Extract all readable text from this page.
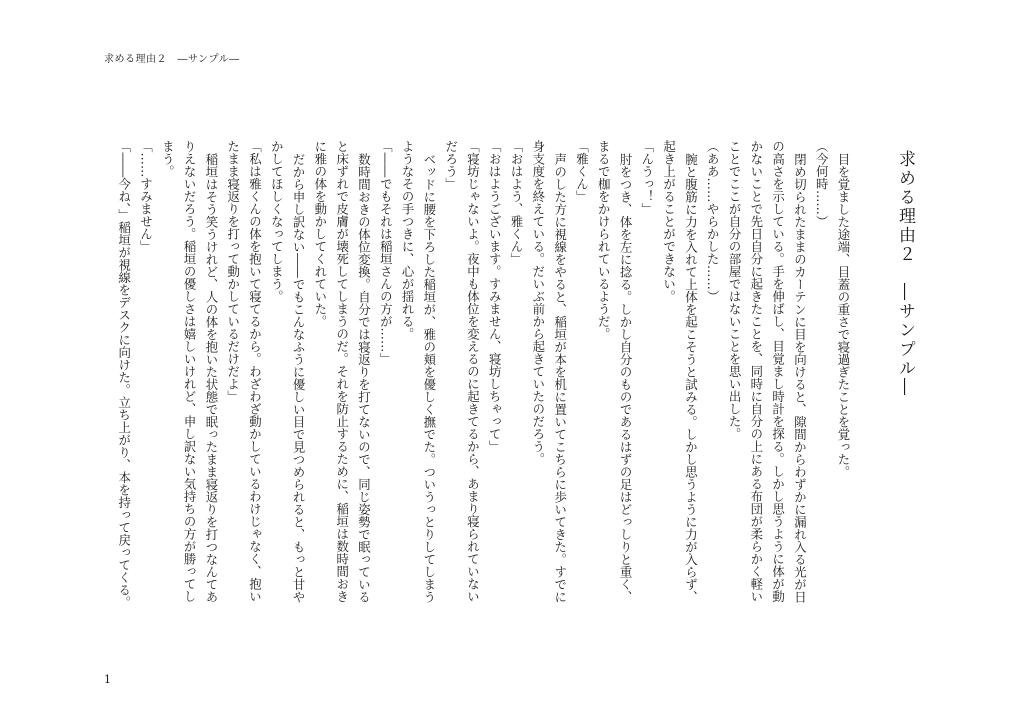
求める理由２　―サンプル―
求める理由２　―サンプル―
目を覚ました途端、目蓋の重さで寝過ぎたことを覚った。
（今何時……）
閉め切られたままのカーテンに目を向けると、隙間からわずかに漏れ入る光が日
の高さを示している。手を伸ばし、目覚まし時計を探る。しかし思うように体が動
かないことで先日自分に起きたことを、同時に自分の上にある布団が柔らかく軽い
ことでここが自分の部屋ではないことを思い出した。
（ああ……やらかした……）
腕と腹筋に力を入れて上体を起こそうと試みる。しかし思うように力が入らず、
起き上がることができない。
「んうっ！」
肘をつき、体を左に捻る。しかし自分のものであるはずの足はどっしりと重く、
まるで枷をかけられているようだ。
「雅くん」
声のした方に視線をやると、稲垣が本を机に置いてこちらに歩いてきた。すでに
身支度を終えている。だいぶ前から起きていたのだろう。
「おはよう、雅くん」
「おはようございます。すみません、寝坊しちゃって」
「寝坊じゃないよ。夜中も体位を変えるのに起きてるから、あまり寝られていない
だろう」
ベッドに腰を下ろした稲垣が、雅の頬を優しく撫でた。ついうっとりしてしまう
ようなその手つきに、心が揺れる。
「――でもそれは稲垣さんの方が……」
数時間おきの体位変換。自分では寝返りを打てないので、同じ姿勢で眠っている
と床ずれで皮膚が壊死してしまうのだ。それを防止するために、稲垣は数時間おき
に雅の体を動かしてくれていた。
だから申し訳ない――でもこんなふうに優しい目で見つめられると、もっと甘や
かしてほしくなってしまう。
「私は雅くんの体を抱いて寝てるから。わざわざ動かしているわけじゃなく、抱い
たまま寝返りを打って動かしているだけだよ」
稲垣はそう笑うけれど、人の体を抱いた状態で眠ったまま寝返りを打つなんてあ
りえないだろう。稲垣の優しさは嬉しいけれど、申し訳ない気持ちの方が勝ってし
まう。
「……すみません」
「――今ね、」稲垣が視線をデスクに向けた。立ち上がり、本を持って戻ってくる。
1
